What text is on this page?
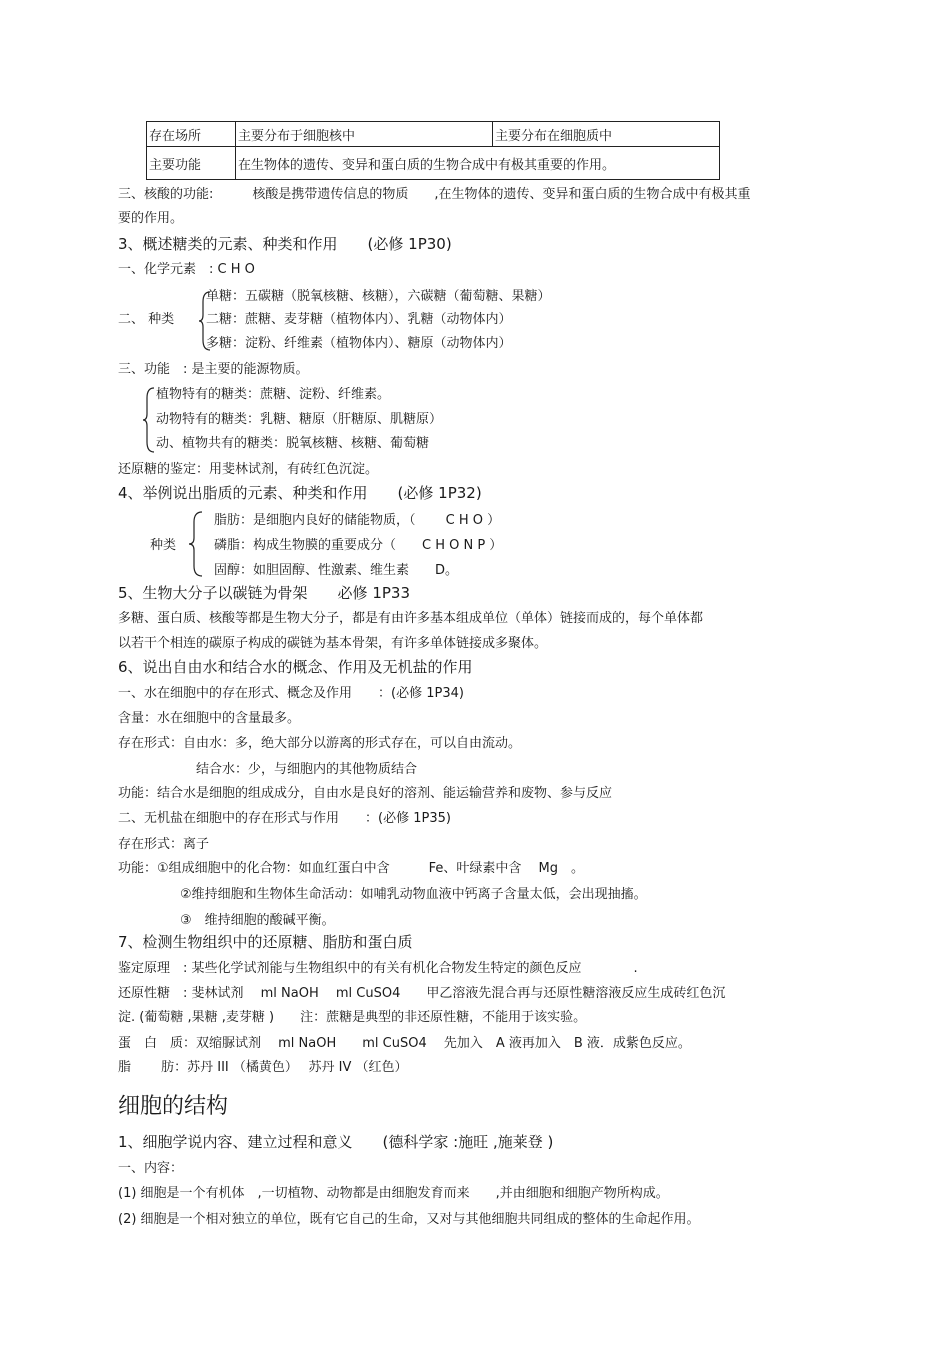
存在场所	主要分布于细胞核中	主要分布在细胞质中
主要功能	在生物体的遗传、变异和蛋白质的生物合成中有极其重要的作用。	
三、核酸的功能:　　　核酸是携带遗传信息的物质　　,在生物体的遗传、变异和蛋白质的生物合成中有极其重
要的作用。
3、概述糖类的元素、种类和作用　　(必修 1P30)
一、化学元素　: C H O
单糖：五碳糖（脱氧核糖、核糖），六碳糖（葡萄糖、果糖）
二、 种类 二糖：蔗糖、麦芽糖（植物体内）、乳糖（动物体内）
多糖：淀粉、纤维素（植物体内）、糖原（动物体内）
三、功能　: 是主要的能源物质。
植物特有的糖类：蔗糖、淀粉、纤维素。
动物特有的糖类：乳糖、糖原（肝糖原、肌糖原）
动、植物共有的糖类：脱氧核糖、核糖、葡萄糖
还原糖的鉴定：用斐林试剂，有砖红色沉淀。
4、举例说出脂质的元素、种类和作用　　(必修 1P32)
脂肪：是细胞内良好的储能物质，（　　 C H O ）
种类	磷脂：构成生物膜的重要成分（　　C H O N P ）
固醇：如胆固醇、性激素、维生素　　D。
5、生物大分子以碳链为骨架　　必修 1P33
多糖、蛋白质、核酸等都是生物大分子，都是有由许多基本组成单位（单体）链接而成的，每个单体都
以若干个相连的碳原子构成的碳链为基本骨架，有许多单体链接成多聚体。
6、说出自由水和结合水的概念、作用及无机盐的作用
一、水在细胞中的存在形式、概念及作用　　：(必修 1P34)
含量：水在细胞中的含量最多。
存在形式：自由水：多，绝大部分以游离的形式存在，可以自由流动。
结合水：少，与细胞内的其他物质结合
功能：结合水是细胞的组成成分，自由水是良好的溶剂、能运输营养和废物、参与反应
二、无机盐在细胞中的存在形式与作用　　：(必修 1P35)
存在形式：离子
功能：①组成细胞中的化合物：如血红蛋白中含　　　Fe、叶绿素中含　 Mg　。
②维持细胞和生物体生命活动：如哺乳动物血液中钙离子含量太低，会出现抽搐。
③　维持细胞的酸碱平衡。
7、检测生物组织中的还原糖、脂肪和蛋白质
鉴定原理　: 某些化学试剂能与生物组织中的有关有机化合物发生特定的颜色反应　　　　.
还原性糖　: 斐林试剂　 ml NaOH　 ml CuSO4　　甲乙溶液先混合再与还原性糖溶液反应生成砖红色沉
淀. (葡萄糖 ,果糖 ,麦芽糖 )　　注：蔗糖是典型的非还原性糖，不能用于该实验。
蛋　白　质：双缩脲试剂　 ml NaOH　　ml CuSO4　 先加入　A 液再加入　B 液．成紫色反应。
脂　　 肪：苏丹 III （橘黄色）　 苏丹 IV （红色）
细胞的结构
1、细胞学说内容、建立过程和意义　　(德科学家 :施旺 ,施莱登 )
一、内容：
(1) 细胞是一个有机体　,一切植物、动物都是由细胞发育而来　　,并由细胞和细胞产物所构成。
(2) 细胞是一个相对独立的单位，既有它自己的生命，又对与其他细胞共同组成的整体的生命起作用。
